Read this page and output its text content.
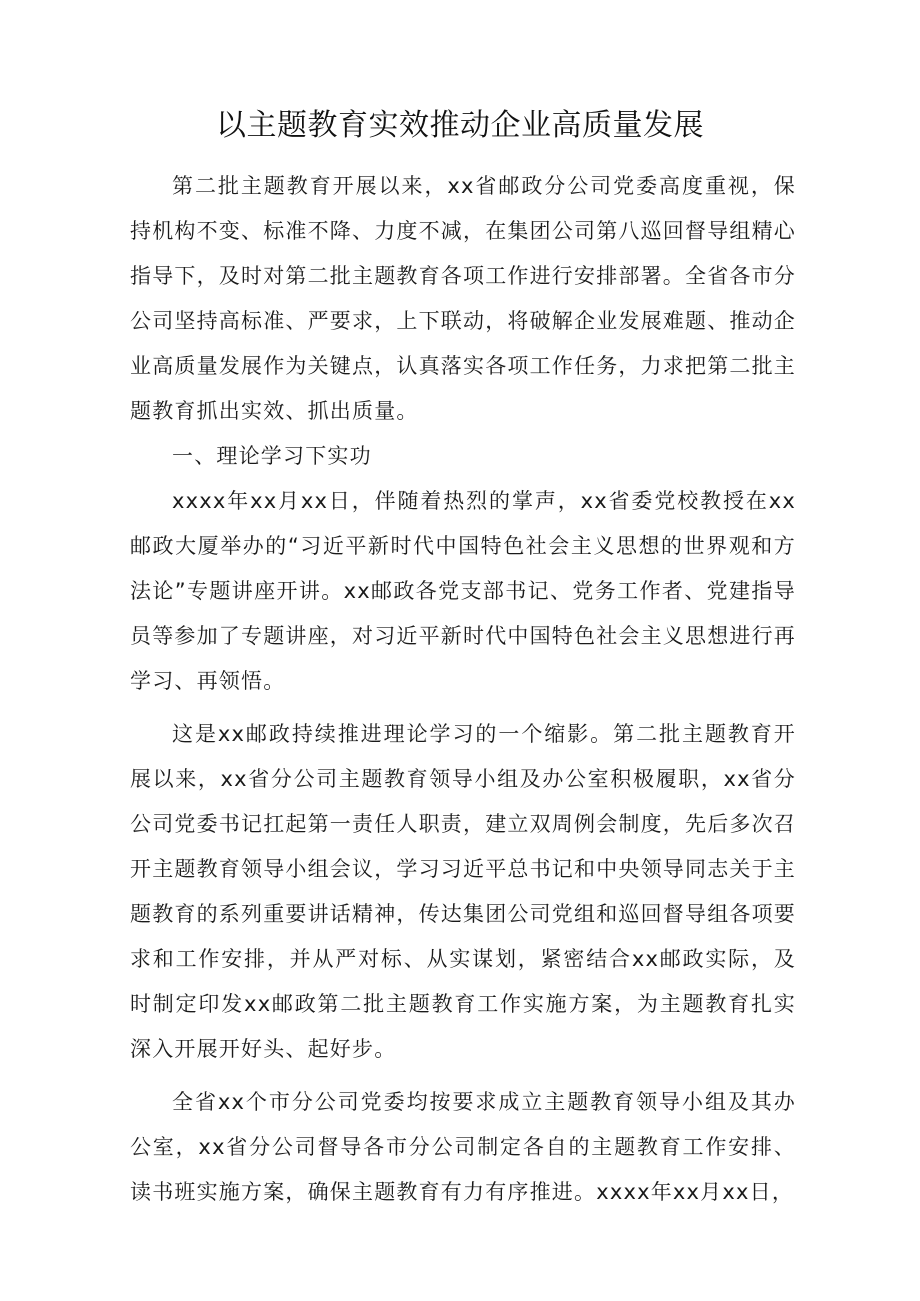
以主题教育实效推动企业高质量发展

第二批主题教育开展以来，xx省邮政分公司党委高度重视，保持机构不变、标准不降、力度不减，在集团公司第八巡回督导组精心指导下，及时对第二批主题教育各项工作进行安排部署。全省各市分公司坚持高标准、严要求，上下联动，将破解企业发展难题、推动企业高质量发展作为关键点，认真落实各项工作任务，力求把第二批主题教育抓出实效、抓出质量。

一、理论学习下实功

xxxx年xx月xx日，伴随着热烈的掌声，xx省委党校教授在xx邮政大厦举办的“习近平新时代中国特色社会主义思想的世界观和方法论”专题讲座开讲。xx邮政各党支部书记、党务工作者、党建指导员等参加了专题讲座，对习近平新时代中国特色社会主义思想进行再学习、再领悟。

这是xx邮政持续推进理论学习的一个缩影。第二批主题教育开展以来，xx省分公司主题教育领导小组及办公室积极履职，xx省分公司党委书记扛起第一责任人职责，建立双周例会制度，先后多次召开主题教育领导小组会议，学习习近平总书记和中央领导同志关于主题教育的系列重要讲话精神，传达集团公司党组和巡回督导组各项要求和工作安排，并从严对标、从实谋划，紧密结合xx邮政实际，及时制定印发xx邮政第二批主题教育工作实施方案，为主题教育扎实深入开展开好头、起好步。

全省xx个市分公司党委均按要求成立主题教育领导小组及其办公室，xx省分公司督导各市分公司制定各自的主题教育工作安排、读书班实施方案，确保主题教育有力有序推进。xxxx年xx月xx日，
